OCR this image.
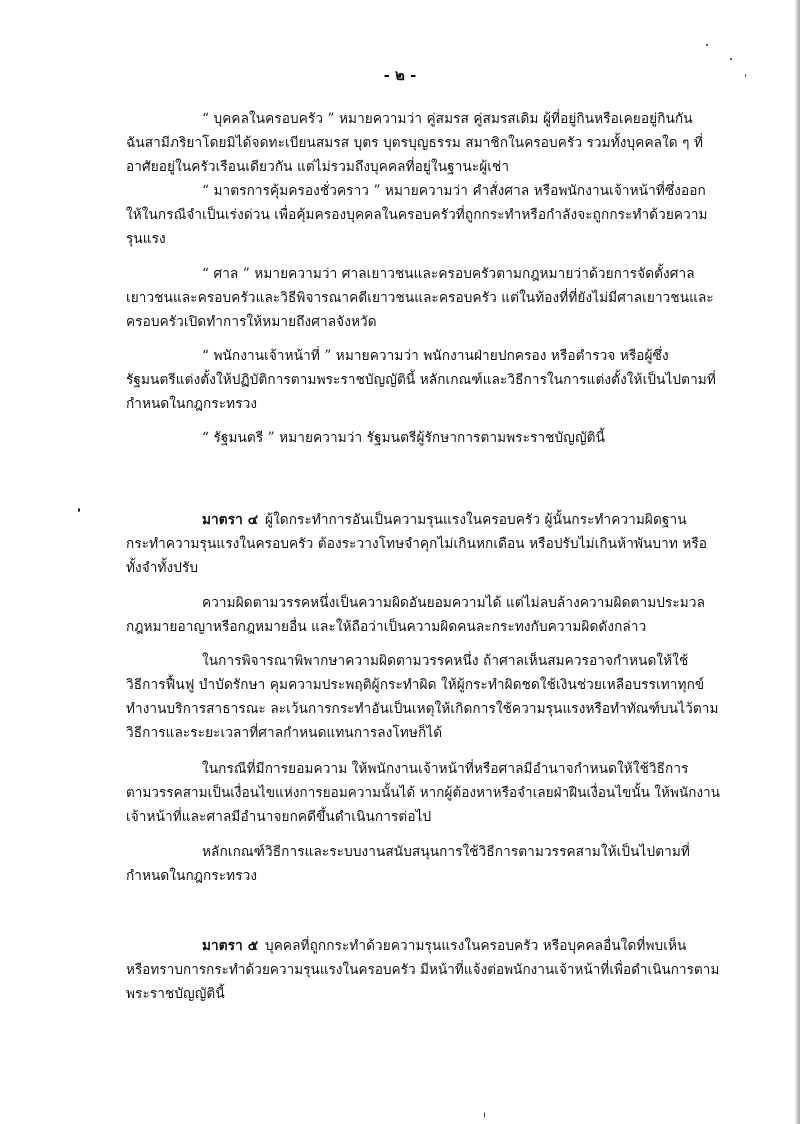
- ๒ -
“ บุคคลในครอบครัว ” หมายความว่า คู่สมรส คู่สมรสเดิม ผู้ที่อยู่กินหรือเคยอยู่กินกัน
ฉันสามีภริยาโดยมิได้จดทะเบียนสมรส บุตร บุตรบุญธรรม สมาชิกในครอบครัว รวมทั้งบุคคลใด ๆ ที่
อาศัยอยู่ในครัวเรือนเดียวกัน แต่ไม่รวมถึงบุคคลที่อยู่ในฐานะผู้เช่า
“ มาตรการคุ้มครองชั่วคราว ” หมายความว่า คำสั่งศาล หรือพนักงานเจ้าหน้าที่ซึ่งออก
ให้ในกรณีจำเป็นเร่งด่วน เพื่อคุ้มครองบุคคลในครอบครัวที่ถูกกระทำหรือกำลังจะถูกกระทำด้วยความ
รุนแรง
“ ศาล ” หมายความว่า ศาลเยาวชนและครอบครัวตามกฎหมายว่าด้วยการจัดตั้งศาล
เยาวชนและครอบครัวและวิธีพิจารณาคดีเยาวชนและครอบครัว แต่ในท้องที่ที่ยังไม่มีศาลเยาวชนและ
ครอบครัวเปิดทำการให้หมายถึงศาลจังหวัด
“ พนักงานเจ้าหน้าที่ ” หมายความว่า พนักงานฝ่ายปกครอง หรือตำรวจ หรือผู้ซึ่ง
รัฐมนตรีแต่งตั้งให้ปฏิบัติการตามพระราชบัญญัตินี้ หลักเกณฑ์และวิธีการในการแต่งตั้งให้เป็นไปตามที่
กำหนดในกฎกระทรวง
“ รัฐมนตรี ” หมายความว่า รัฐมนตรีผู้รักษาการตามพระราชบัญญัตินี้
มาตรา ๔ ผู้ใดกระทำการอันเป็นความรุนแรงในครอบครัว ผู้นั้นกระทำความผิดฐาน
กระทำความรุนแรงในครอบครัว ต้องระวางโทษจำคุกไม่เกินหกเดือน หรือปรับไม่เกินห้าพันบาท หรือ
ทั้งจำทั้งปรับ
ความผิดตามวรรคหนึ่งเป็นความผิดอันยอมความได้ แต่ไม่ลบล้างความผิดตามประมวล
กฎหมายอาญาหรือกฎหมายอื่น และให้ถือว่าเป็นความผิดคนละกระทงกับความผิดดังกล่าว
ในการพิจารณาพิพากษาความผิดตามวรรคหนึ่ง ถ้าศาลเห็นสมควรอาจกำหนดให้ใช้
วิธีการฟื้นฟู บำบัดรักษา คุมความประพฤติผู้กระทำผิด ให้ผู้กระทำผิดชดใช้เงินช่วยเหลือบรรเทาทุกข์
ทำงานบริการสาธารณะ ละเว้นการกระทำอันเป็นเหตุให้เกิดการใช้ความรุนแรงหรือทำทัณฑ์บนไว้ตาม
วิธีการและระยะเวลาที่ศาลกำหนดแทนการลงโทษก็ได้
ในกรณีที่มีการยอมความ ให้พนักงานเจ้าหน้าที่หรือศาลมีอำนาจกำหนดให้ใช้วิธีการ
ตามวรรคสามเป็นเงื่อนไขแห่งการยอมความนั้นได้ หากผู้ต้องหาหรือจำเลยฝ่าฝืนเงื่อนไขนั้น ให้พนักงาน
เจ้าหน้าที่และศาลมีอำนาจยกคดีขึ้นดำเนินการต่อไป
หลักเกณฑ์วิธีการและระบบงานสนับสนุนการใช้วิธีการตามวรรคสามให้เป็นไปตามที่
กำหนดในกฎกระทรวง
มาตรา ๕ บุคคลที่ถูกกระทำด้วยความรุนแรงในครอบครัว หรือบุคคลอื่นใดที่พบเห็น
หรือทราบการกระทำด้วยความรุนแรงในครอบครัว มีหน้าที่แจ้งต่อพนักงานเจ้าหน้าที่เพื่อดำเนินการตาม
พระราชบัญญัตินี้
